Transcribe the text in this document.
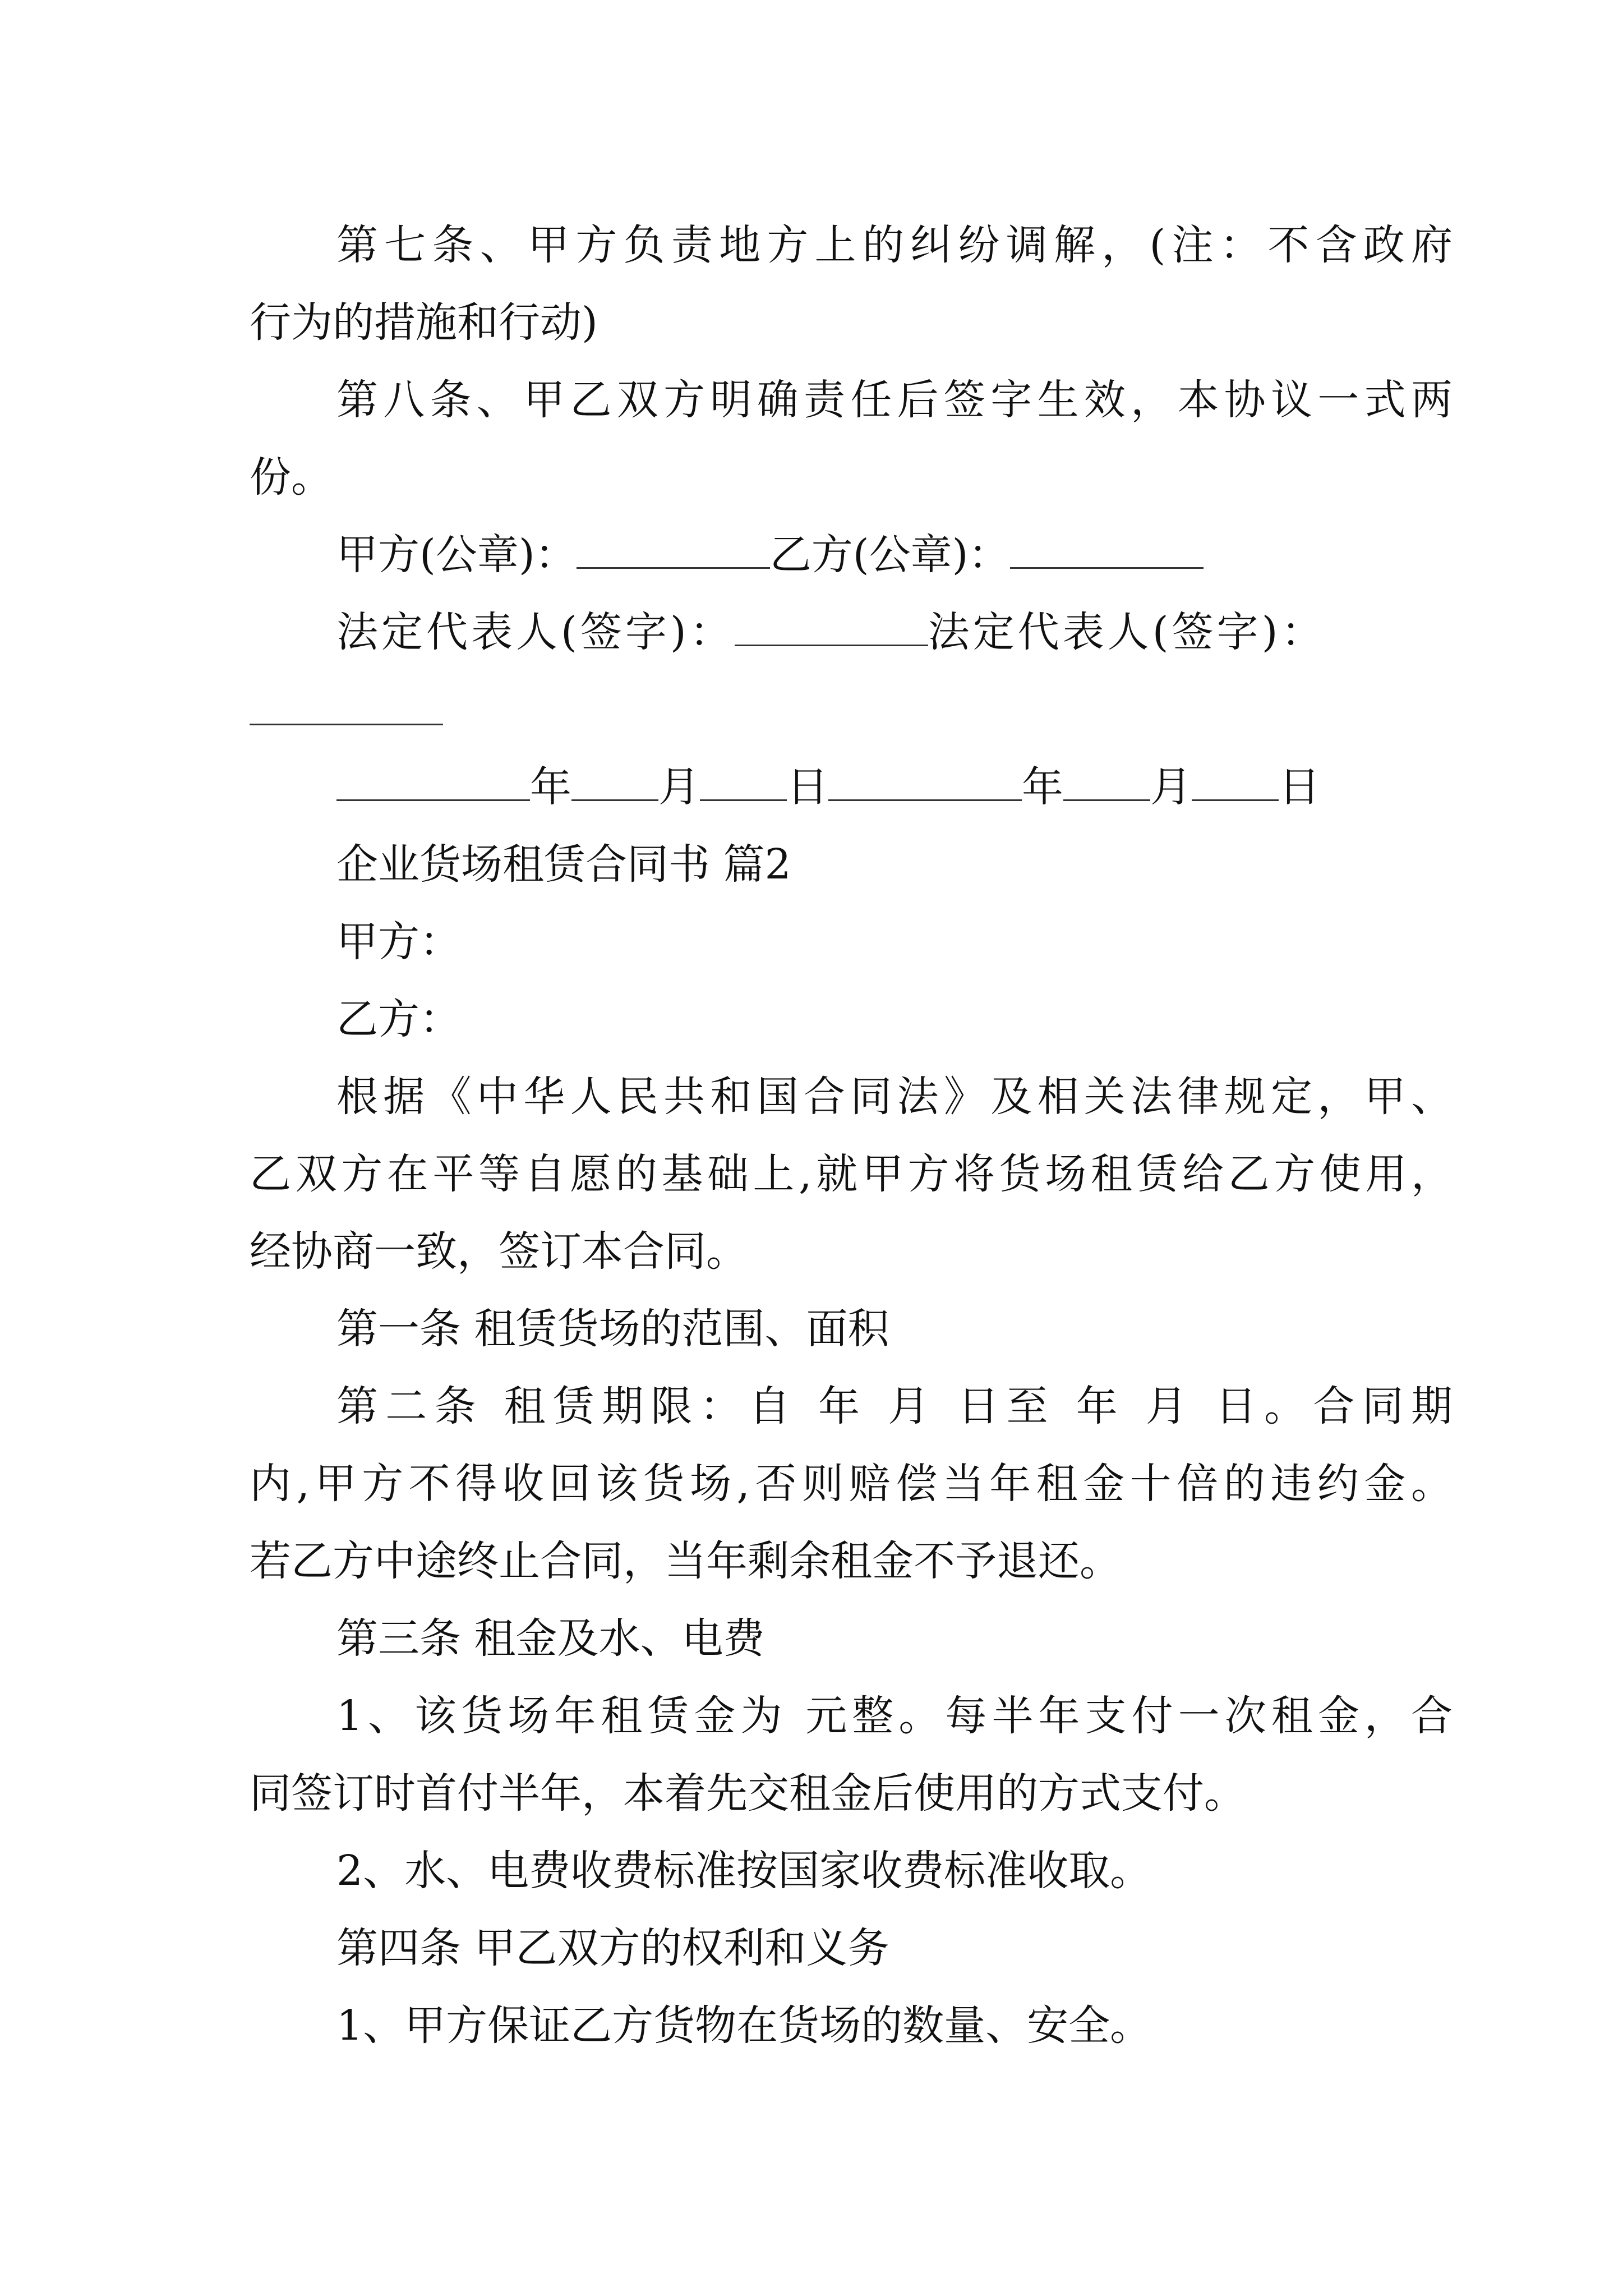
第七条、甲方负责地方上的纠纷调解，(注：不含政府
行为的措施和行动)
第八条、甲乙双方明确责任后签字生效，本协议一式两
份。
甲方(公章)：	乙方(公章)：
法定代表人(签字)：	法定代表人(签字)：
年 月 日	年 月 日
企业货场租赁合同书 篇2
甲方：
乙方：
根据《中华人民共和国合同法》及相关法律规定，甲、
乙双方在平等自愿的基础上,就甲方将货场租赁给乙方使用，
经协商一致，签订本合同。
第一条 租赁货场的范围、面积
第二条 租赁期限：自 年 月 日至 年 月 日。合同期
内,甲方不得收回该货场,否则赔偿当年租金十倍的违约金。
若乙方中途终止合同，当年剩余租金不予退还。
第三条 租金及水、电费
1、该货场年租赁金为 元整。每半年支付一次租金，合
同签订时首付半年，本着先交租金后使用的方式支付。
2、水、电费收费标准按国家收费标准收取。
第四条 甲乙双方的权利和义务
1、甲方保证乙方货物在货场的数量、安全。
